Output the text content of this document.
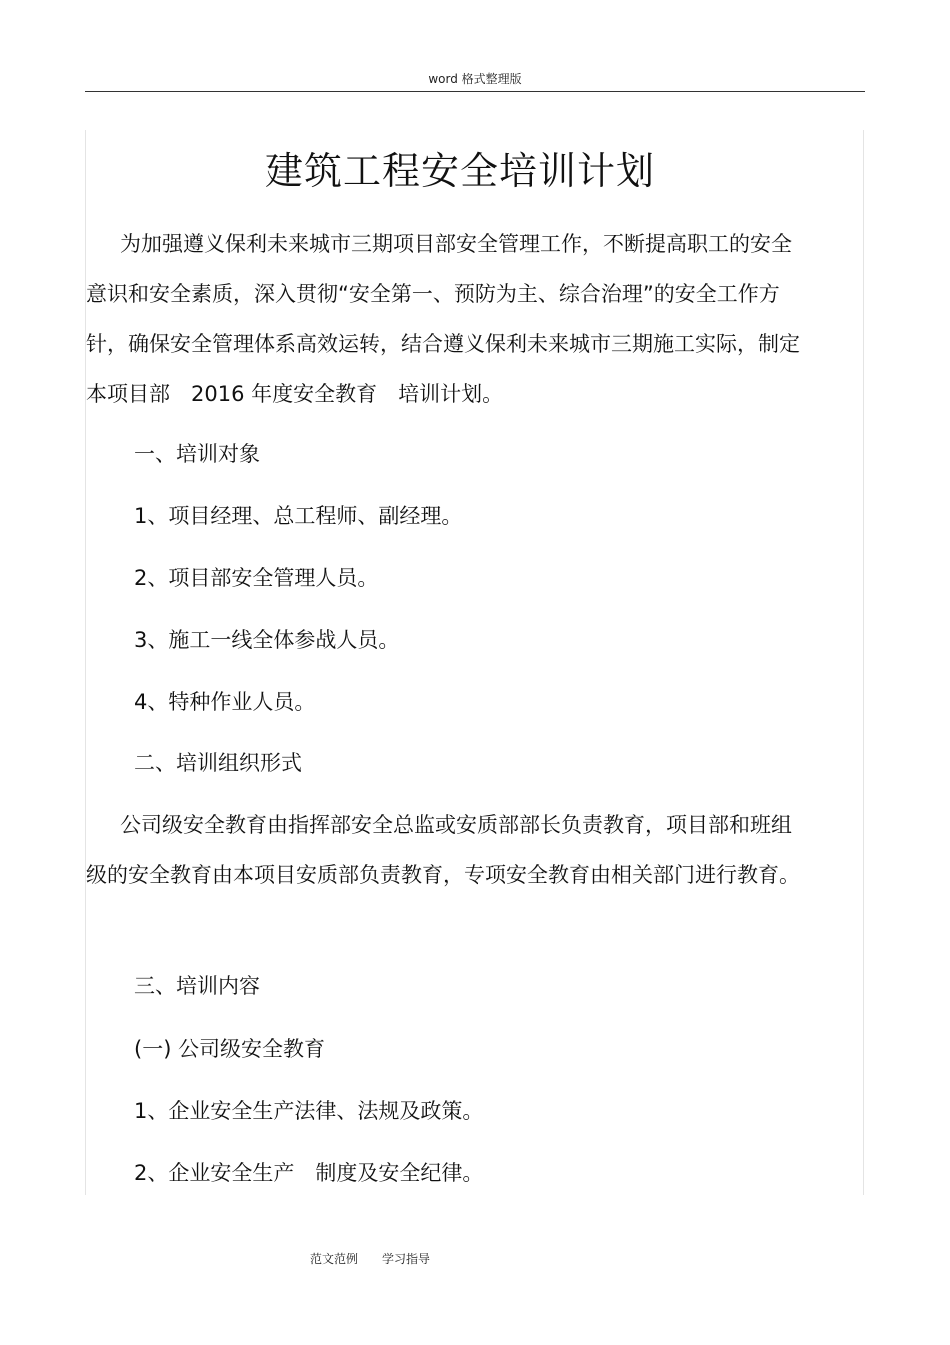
word 格式整理版
建筑工程安全培训计划

为加强遵义保利未来城市三期项目部安全管理工作，不断提高职工的安全意识和安全素质，深入贯彻“安全第一、预防为主、综合治理”的安全工作方针，确保安全管理体系高效运转，结合遵义保利未来城市三期施工实际，制定本项目部　2016 年度安全教育　培训计划。

一、培训对象

1、项目经理、总工程师、副经理。

2、项目部安全管理人员。

3、施工一线全体参战人员。

4、特种作业人员。

二、培训组织形式

公司级安全教育由指挥部安全总监或安质部部长负责教育，项目部和班组级的安全教育由本项目安质部负责教育，专项安全教育由相关部门进行教育。

三、培训内容

(一) 公司级安全教育

1、企业安全生产法律、法规及政策。

2、企业安全生产　制度及安全纪律。

范文范例　　学习指导
